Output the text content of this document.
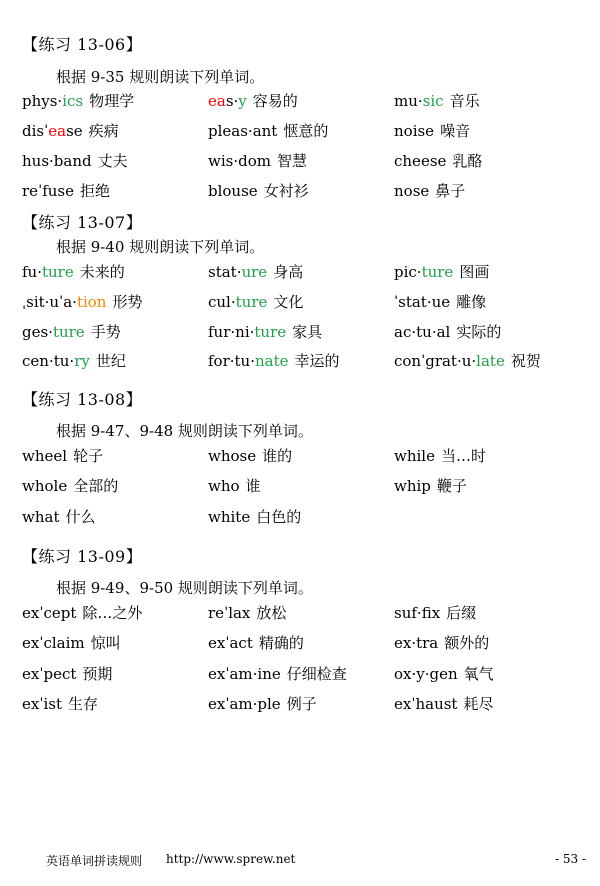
【练习 13-06】
根据 9-35 规则朗读下列单词。
phys·ics 物理学	eas·y 容易的	mu·sic 音乐
disˈease 疾病	pleas·ant 惬意的	noise 噪音
hus·band 丈夫	wis·dom 智慧	cheese 乳酪
reˈfuse 拒绝	blouse 女衬衫	nose 鼻子
【练习 13-07】
根据 9-40 规则朗读下列单词。
fu·ture 未来的	stat·ure 身高	pic·ture 图画
ˌsit·uˈa·tion 形势	cul·ture 文化	ˈstat·ue 雕像
ges·ture 手势	fur·ni·ture 家具	ac·tu·al 实际的
cen·tu·ry 世纪	for·tu·nate 幸运的	conˈgrat·u·late 祝贺
【练习 13-08】
根据 9-47、9-48 规则朗读下列单词。
wheel 轮子	whose 谁的	while 当…时
whole 全部的	who 谁	whip 鞭子
what 什么	white 白色的
【练习 13-09】
根据 9-49、9-50 规则朗读下列单词。
exˈcept 除…之外	reˈlax 放松	suf·fix 后缀
exˈclaim 惊叫	exˈact 精确的	ex·tra 额外的
exˈpect 预期	exˈam·ine 仔细检查	ox·y·gen 氧气
exˈist 生存	exˈam·ple 例子	exˈhaust 耗尽
英语单词拼读规则 http://www.sprew.net	- 53 -
